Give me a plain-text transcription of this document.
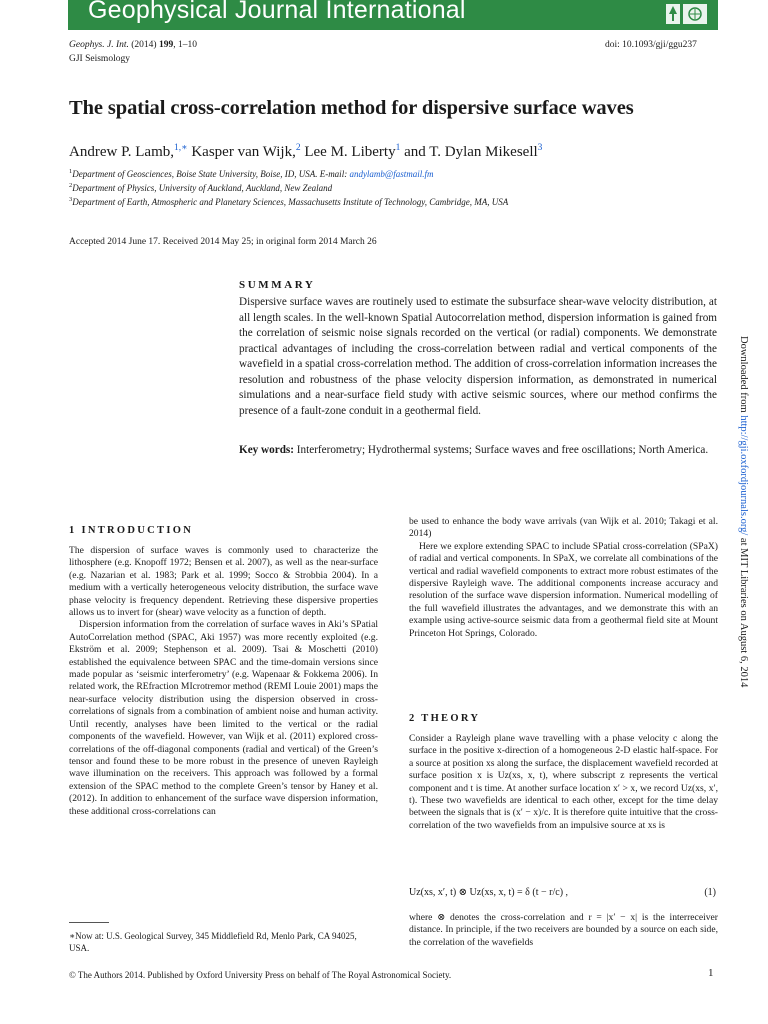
Geophysical Journal International
Geophys. J. Int. (2014) 199, 1–10
GJI Seismology
doi: 10.1093/gji/ggu237
The spatial cross-correlation method for dispersive surface waves
Andrew P. Lamb,$^{1,∗}$ Kasper van Wijk,$^2$ Lee M. Liberty$^1$ and T. Dylan Mikesell$^3$
$^1$Department of Geosciences, Boise State University, Boise, ID, USA. E-mail: andylamb@fastmail.fm
$^2$Department of Physics, University of Auckland, Auckland, New Zealand
$^3$Department of Earth, Atmospheric and Planetary Sciences, Massachusetts Institute of Technology, Cambridge, MA, USA
Accepted 2014 June 17. Received 2014 May 25; in original form 2014 March 26
SUMMARY
Dispersive surface waves are routinely used to estimate the subsurface shear-wave velocity distribution, at all length scales. In the well-known Spatial Autocorrelation method, dispersion information is gained from the correlation of seismic noise signals recorded on the vertical (or radial) components. We demonstrate practical advantages of including the cross-correlation between radial and vertical components of the wavefield in a spatial cross-correlation method. The addition of cross-correlation information increases the resolution and robustness of the phase velocity dispersion information, as demonstrated in numerical simulations and a near-surface field study with active seismic sources, where our method confirms the presence of a fault-zone conduit in a geothermal field.
Key words: Interferometry; Hydrothermal systems; Surface waves and free oscillations; North America.
1 INTRODUCTION

The dispersion of surface waves is commonly used to characterize the lithosphere (e.g. Knopoff 1972; Bensen et al. 2007), as well as the near-surface (e.g. Nazarian et al. 1983; Park et al. 1999; Socco & Strobbia 2004). In a medium with a vertically heterogeneous velocity distribution, the surface wave phase velocity is frequency dependent. Retrieving these dispersive properties allows us to invert for (shear) wave velocity as a function of depth.

Dispersion information from the correlation of surface waves in Aki’s SPatial AutoCorrelation method (SPAC, Aki 1957) was more recently exploited (e.g. Ekström et al. 2009; Stephenson et al. 2009). Tsai & Moschetti (2010) established the equivalence between SPAC and the time-domain versions since made popular as ‘seismic interferometry’ (e.g. Wapenaar & Fokkema 2006). In related work, the REfraction MIcrotremor method (REMI Louie 2001) maps the near-surface velocity distribution using the dispersion observed in cross-correlations of signals from a combination of ambient noise and human activity. Until recently, analyses have been limited to the vertical or the radial components of the wavefield. However, van Wijk et al. (2011) explored cross-correlations of the off-diagonal components (radial and vertical) of the Green’s tensor and found these to be more robust in the presence of uneven Rayleigh wave illumination on the receivers. This approach was followed by a formal extension of the SPAC method to the complete Green’s tensor by Haney et al. (2012). In addition to enhancement of the surface wave dispersion information, these additional cross-correlations can

be used to enhance the body wave arrivals (van Wijk et al. 2010; Takagi et al. 2014)

Here we explore extending SPAC to include SPatial cross-correlation (SPaX) of radial and vertical components. In SPaX, we correlate all combinations of the vertical and radial wavefield components to extract more robust estimates of the dispersive Rayleigh wave. The additional components increase accuracy and resolution of the surface wave dispersion information. Numerical modelling of the full wavefield illustrates the advantages, and we demonstrate this with an example using active-source seismic data from a geothermal field site at Mount Princeton Hot Springs, Colorado.

2 THEORY

Consider a Rayleigh plane wave travelling with a phase velocity c along the surface in the positive x-direction of a homogeneous 2-D elastic half-space. For a source at position xs along the surface, the displacement wavefield recorded at surface position x is Uz(xs, x, t), where subscript z represents the vertical component and t is time. At another surface location x′ > x, we record Uz(xs, x′, t). These two wavefields are identical to each other, except for the time delay between the signals that is (x′ − x)/c. It is therefore quite intuitive that the cross-correlation of the two wavefields from an impulsive source at xs is

Uz(xs, x′, t) ⊗ Uz(xs, x, t) = δ (t − r/c) ,	(1)

where ⊗ denotes the cross-correlation and r = |x′ − x| is the interreceiver distance. In principle, if the two receivers are bounded by a source on each side, the correlation of the wavefields

∗Now at: U.S. Geological Survey, 345 Middlefield Rd, Menlo Park, CA 94025, USA.
© The Authors 2014. Published by Oxford University Press on behalf of The Royal Astronomical Society.	1
Downloaded from http://gji.oxfordjournals.org/ at MIT Libraries on August 6, 2014
